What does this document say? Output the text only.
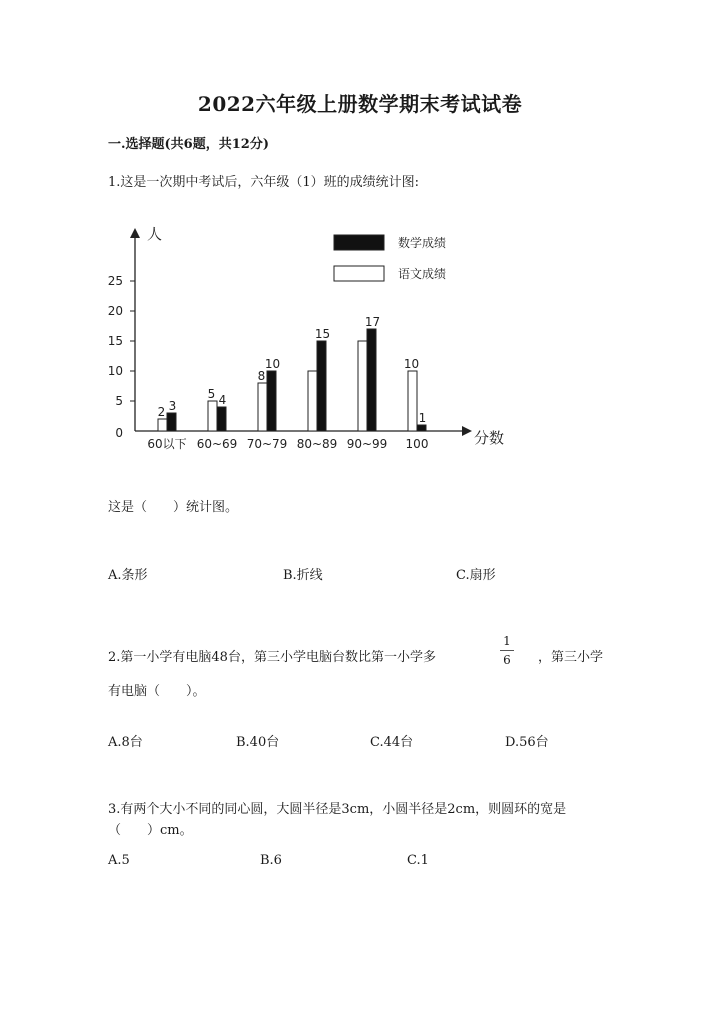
2022六年级上册数学期末考试试卷
一.选择题(共6题，共12分)
1.这是一次期中考试后，六年级（1）班的成绩统计图:
人
分数
0
5
10
15
20
25
2 3
60以下
5 4
60~69
8
10
70~79
15
80~89
17
90~99
10
1
100
数学成绩
语文成绩
这是（　　）统计图。
A.条形	B.折线	C.扇形
2.第一小学有电脑48台，第三小学电脑台数比第一小学多
1
6 ，第三小学
有电脑（　　）。
A.8台	B.40台	C.44台	D.56台
3.有两个大小不同的同心圆，大圆半径是3cm，小圆半径是2cm，则圆环的宽是
（　　）cm。
A.5	B.6	C.1
